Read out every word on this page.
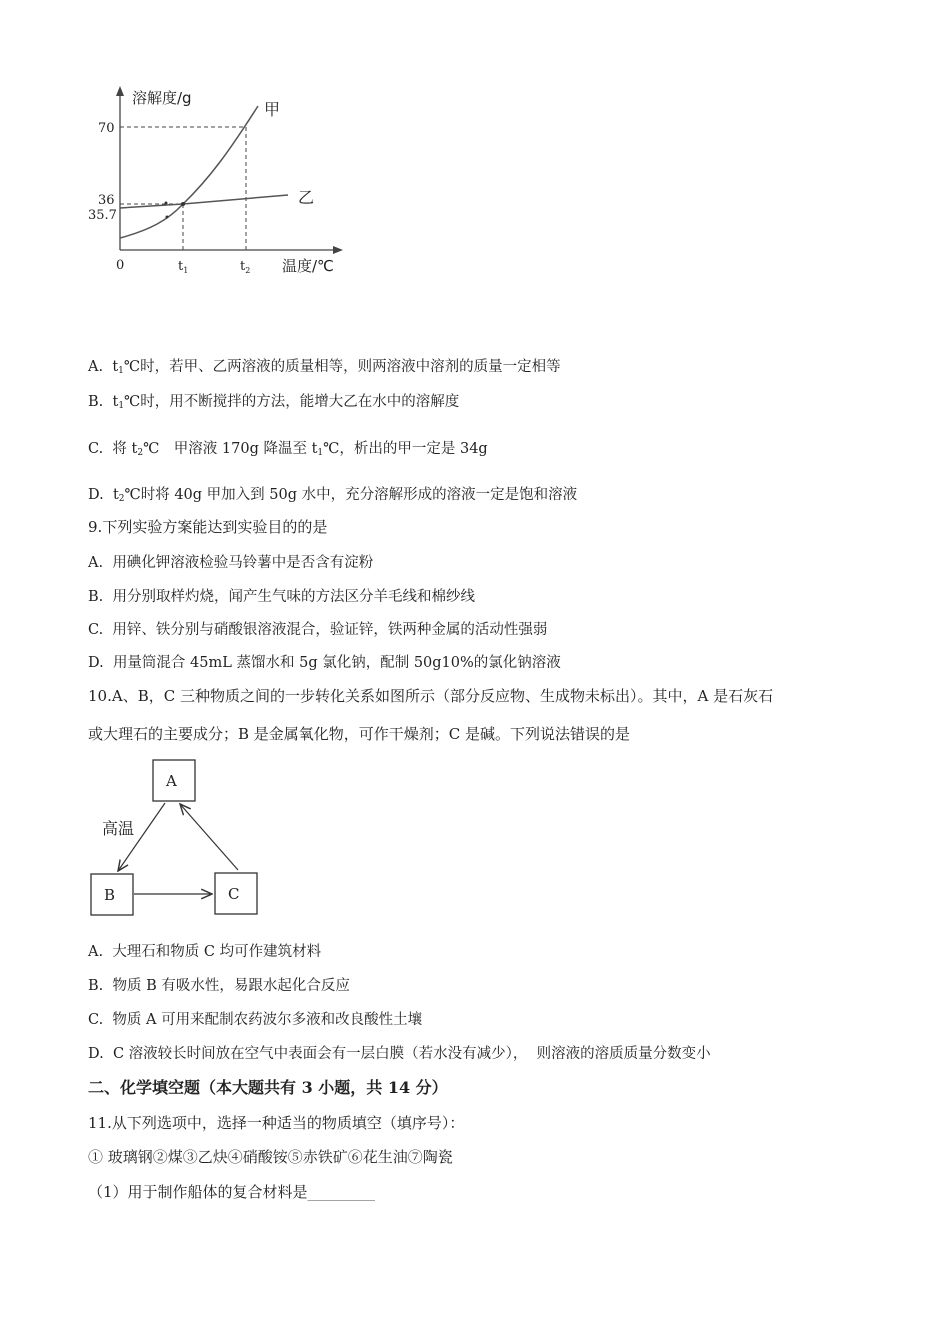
溶解度/g
温度/℃
0
70
36
35.7
$t_1$	$t_2$
甲
乙
A. $t_1℃$时，若甲、乙两溶液的质量相等，则两溶液中溶剂的质量一定相等
B. $t_1℃$时，用不断搅拌的方法，能增大乙在水中的溶解度
C. 将 $t_2℃$　甲溶液 170g 降温至 $t_1℃$，析出的甲一定是 34g
D. $t_2℃$时将 40g 甲加入到 50g 水中，充分溶解形成的溶液一定是饱和溶液
9.下列实验方案能达到实验目的的是
A. 用碘化钾溶液检验马铃薯中是否含有淀粉
B. 用分别取样灼烧，闻产生气味的方法区分羊毛线和棉纱线
C. 用锌、铁分别与硝酸银溶液混合，验证锌，铁两种金属的活动性强弱
D. 用量筒混合 45mL 蒸馏水和 5g 氯化钠，配制 50g10%的氯化钠溶液
10.A、B，C 三种物质之间的一步转化关系如图所示（部分反应物、生成物未标出）。其中，A 是石灰石
或大理石的主要成分；B 是金属氧化物，可作干燥剂；C 是碱。下列说法错误的是
A
B	C
高温
A. 大理石和物质 C 均可作建筑材料
B. 物质 B 有吸水性，易跟水起化合反应
C. 物质 A 可用来配制农药波尔多液和改良酸性土壤
D. C 溶液较长时间放在空气中表面会有一层白膜（若水没有减少），  则溶液的溶质质量分数变小
二、化学填空题（本大题共有 3 小题，共 14 分）
11.从下列选项中，选择一种适当的物质填空（填序号）：
① 玻璃钢②煤③乙炔④硝酸铵⑤赤铁矿⑥花生油⑦陶瓷
（1）用于制作船体的复合材料是_________
